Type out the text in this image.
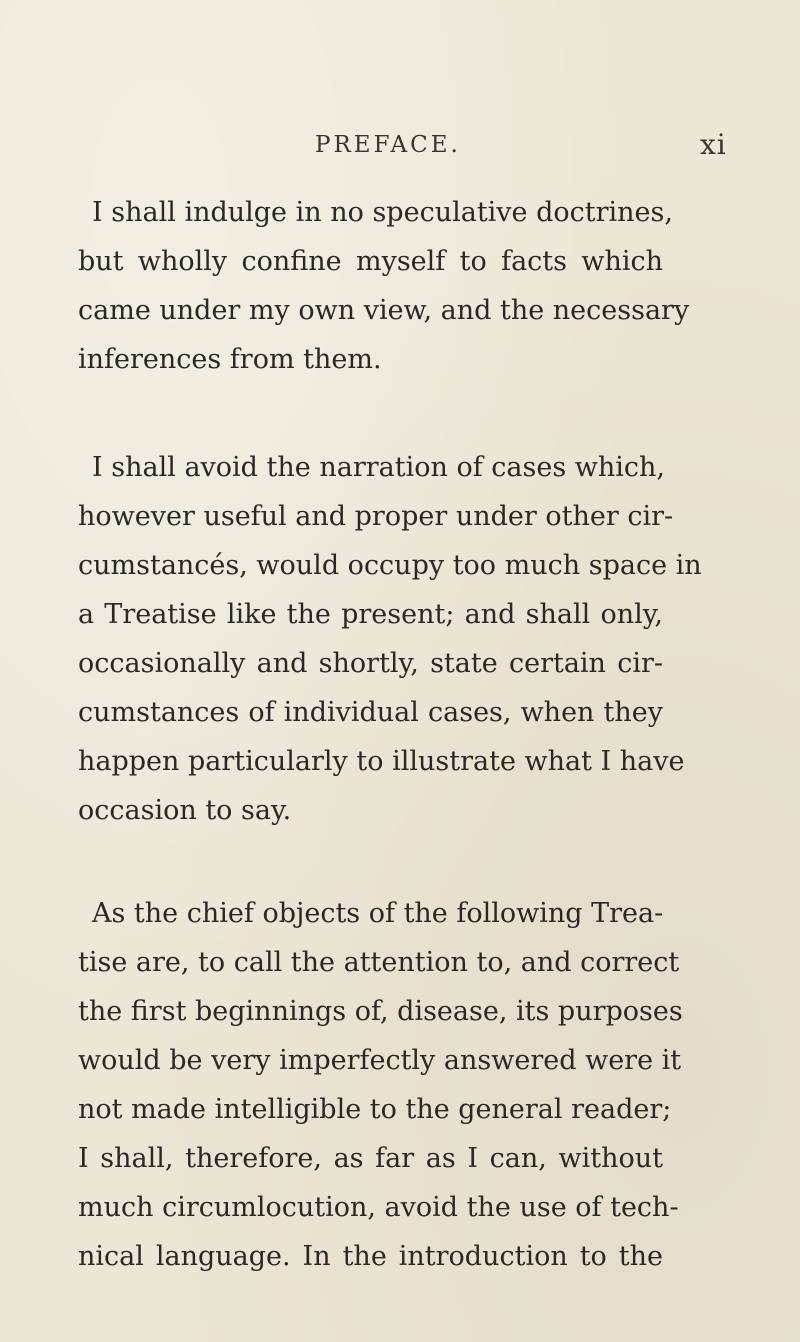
PREFACE.	xi
I shall indulge in no speculative doctrines,
but wholly confine myself to facts which
came under my own view, and the necessary
inferences from them.
I shall avoid the narration of cases which,
however useful and proper under other cir-
cumstancés, would occupy too much space in
a Treatise like the present; and shall only,
occasionally and shortly, state certain cir-
cumstances of individual cases, when they
happen particularly to illustrate what I have
occasion to say.
As the chief objects of the following Trea-
tise are, to call the attention to, and correct
the first beginnings of, disease, its purposes
would be very imperfectly answered were it
not made intelligible to the general reader;
I shall, therefore, as far as I can, without
much circumlocution, avoid the use of tech-
nical language. In the introduction to the
